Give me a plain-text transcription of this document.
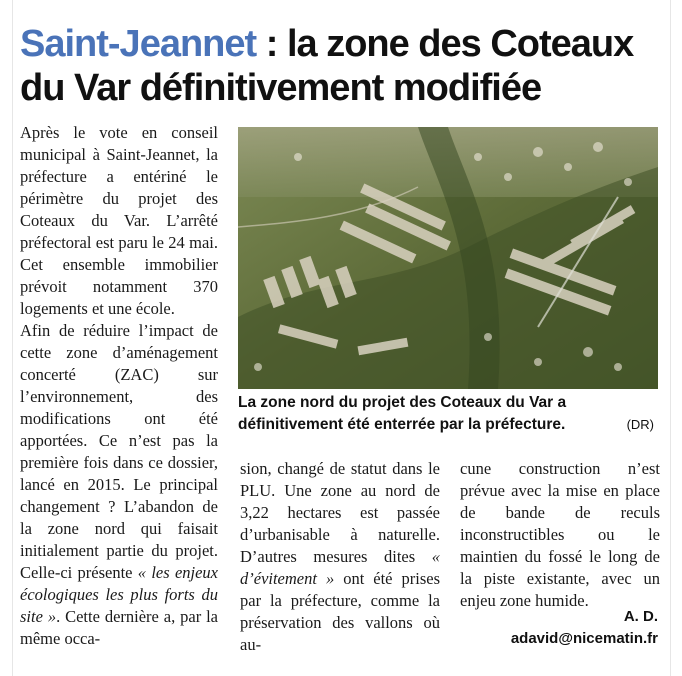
Saint-Jeannet : la zone des Coteaux du Var définitivement modifiée

Après le vote en conseil municipal à Saint-Jeannet, la préfecture a entériné le périmètre du projet des Coteaux du Var. L’arrêté préfectoral est paru le 24 mai. Cet ensemble immobilier prévoit notamment 370 logements et une école.

Afin de réduire l’impact de cette zone d’aménagement concerté (ZAC) sur l’environnement, des modifications ont été apportées. Ce n’est pas la première fois dans ce dossier, lancé en 2015. Le principal changement ? L’abandon de la zone nord qui faisait initialement partie du projet. Celle-ci présente « les enjeux écologiques les plus forts du site ». Cette dernière a, par la même occa-

La zone nord du projet des Coteaux du Var a définitivement été enterrée par la préfecture.	(DR)

sion, changé de statut dans le PLU. Une zone au nord de 3,22 hectares est passée d’urbanisable à naturelle. D’autres mesures dites « d’évitement » ont été prises par la préfecture, comme la préservation des vallons où au-

cune construction n’est prévue avec la mise en place de bande de reculs inconstructibles ou le maintien du fossé le long de la piste existante, avec un enjeu zone humide.

A. D.
adavid@nicematin.fr
